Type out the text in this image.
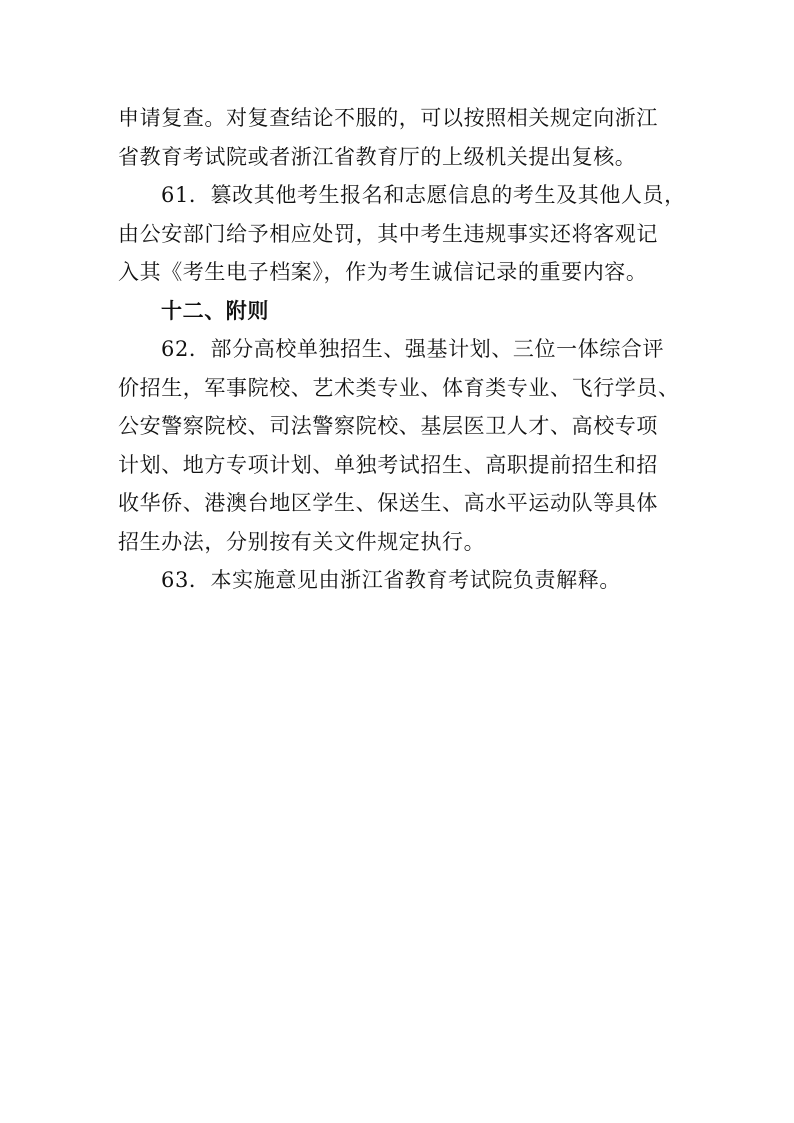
申请复查。对复查结论不服的，可以按照相关规定向浙江
省教育考试院或者浙江省教育厅的上级机关提出复核。
61．篡改其他考生报名和志愿信息的考生及其他人员，
由公安部门给予相应处罚，其中考生违规事实还将客观记
入其《考生电子档案》，作为考生诚信记录的重要内容。
十二、附则
62．部分高校单独招生、强基计划、三位一体综合评
价招生，军事院校、艺术类专业、体育类专业、飞行学员、
公安警察院校、司法警察院校、基层医卫人才、高校专项
计划、地方专项计划、单独考试招生、高职提前招生和招
收华侨、港澳台地区学生、保送生、高水平运动队等具体
招生办法，分别按有关文件规定执行。
63．本实施意见由浙江省教育考试院负责解释。
